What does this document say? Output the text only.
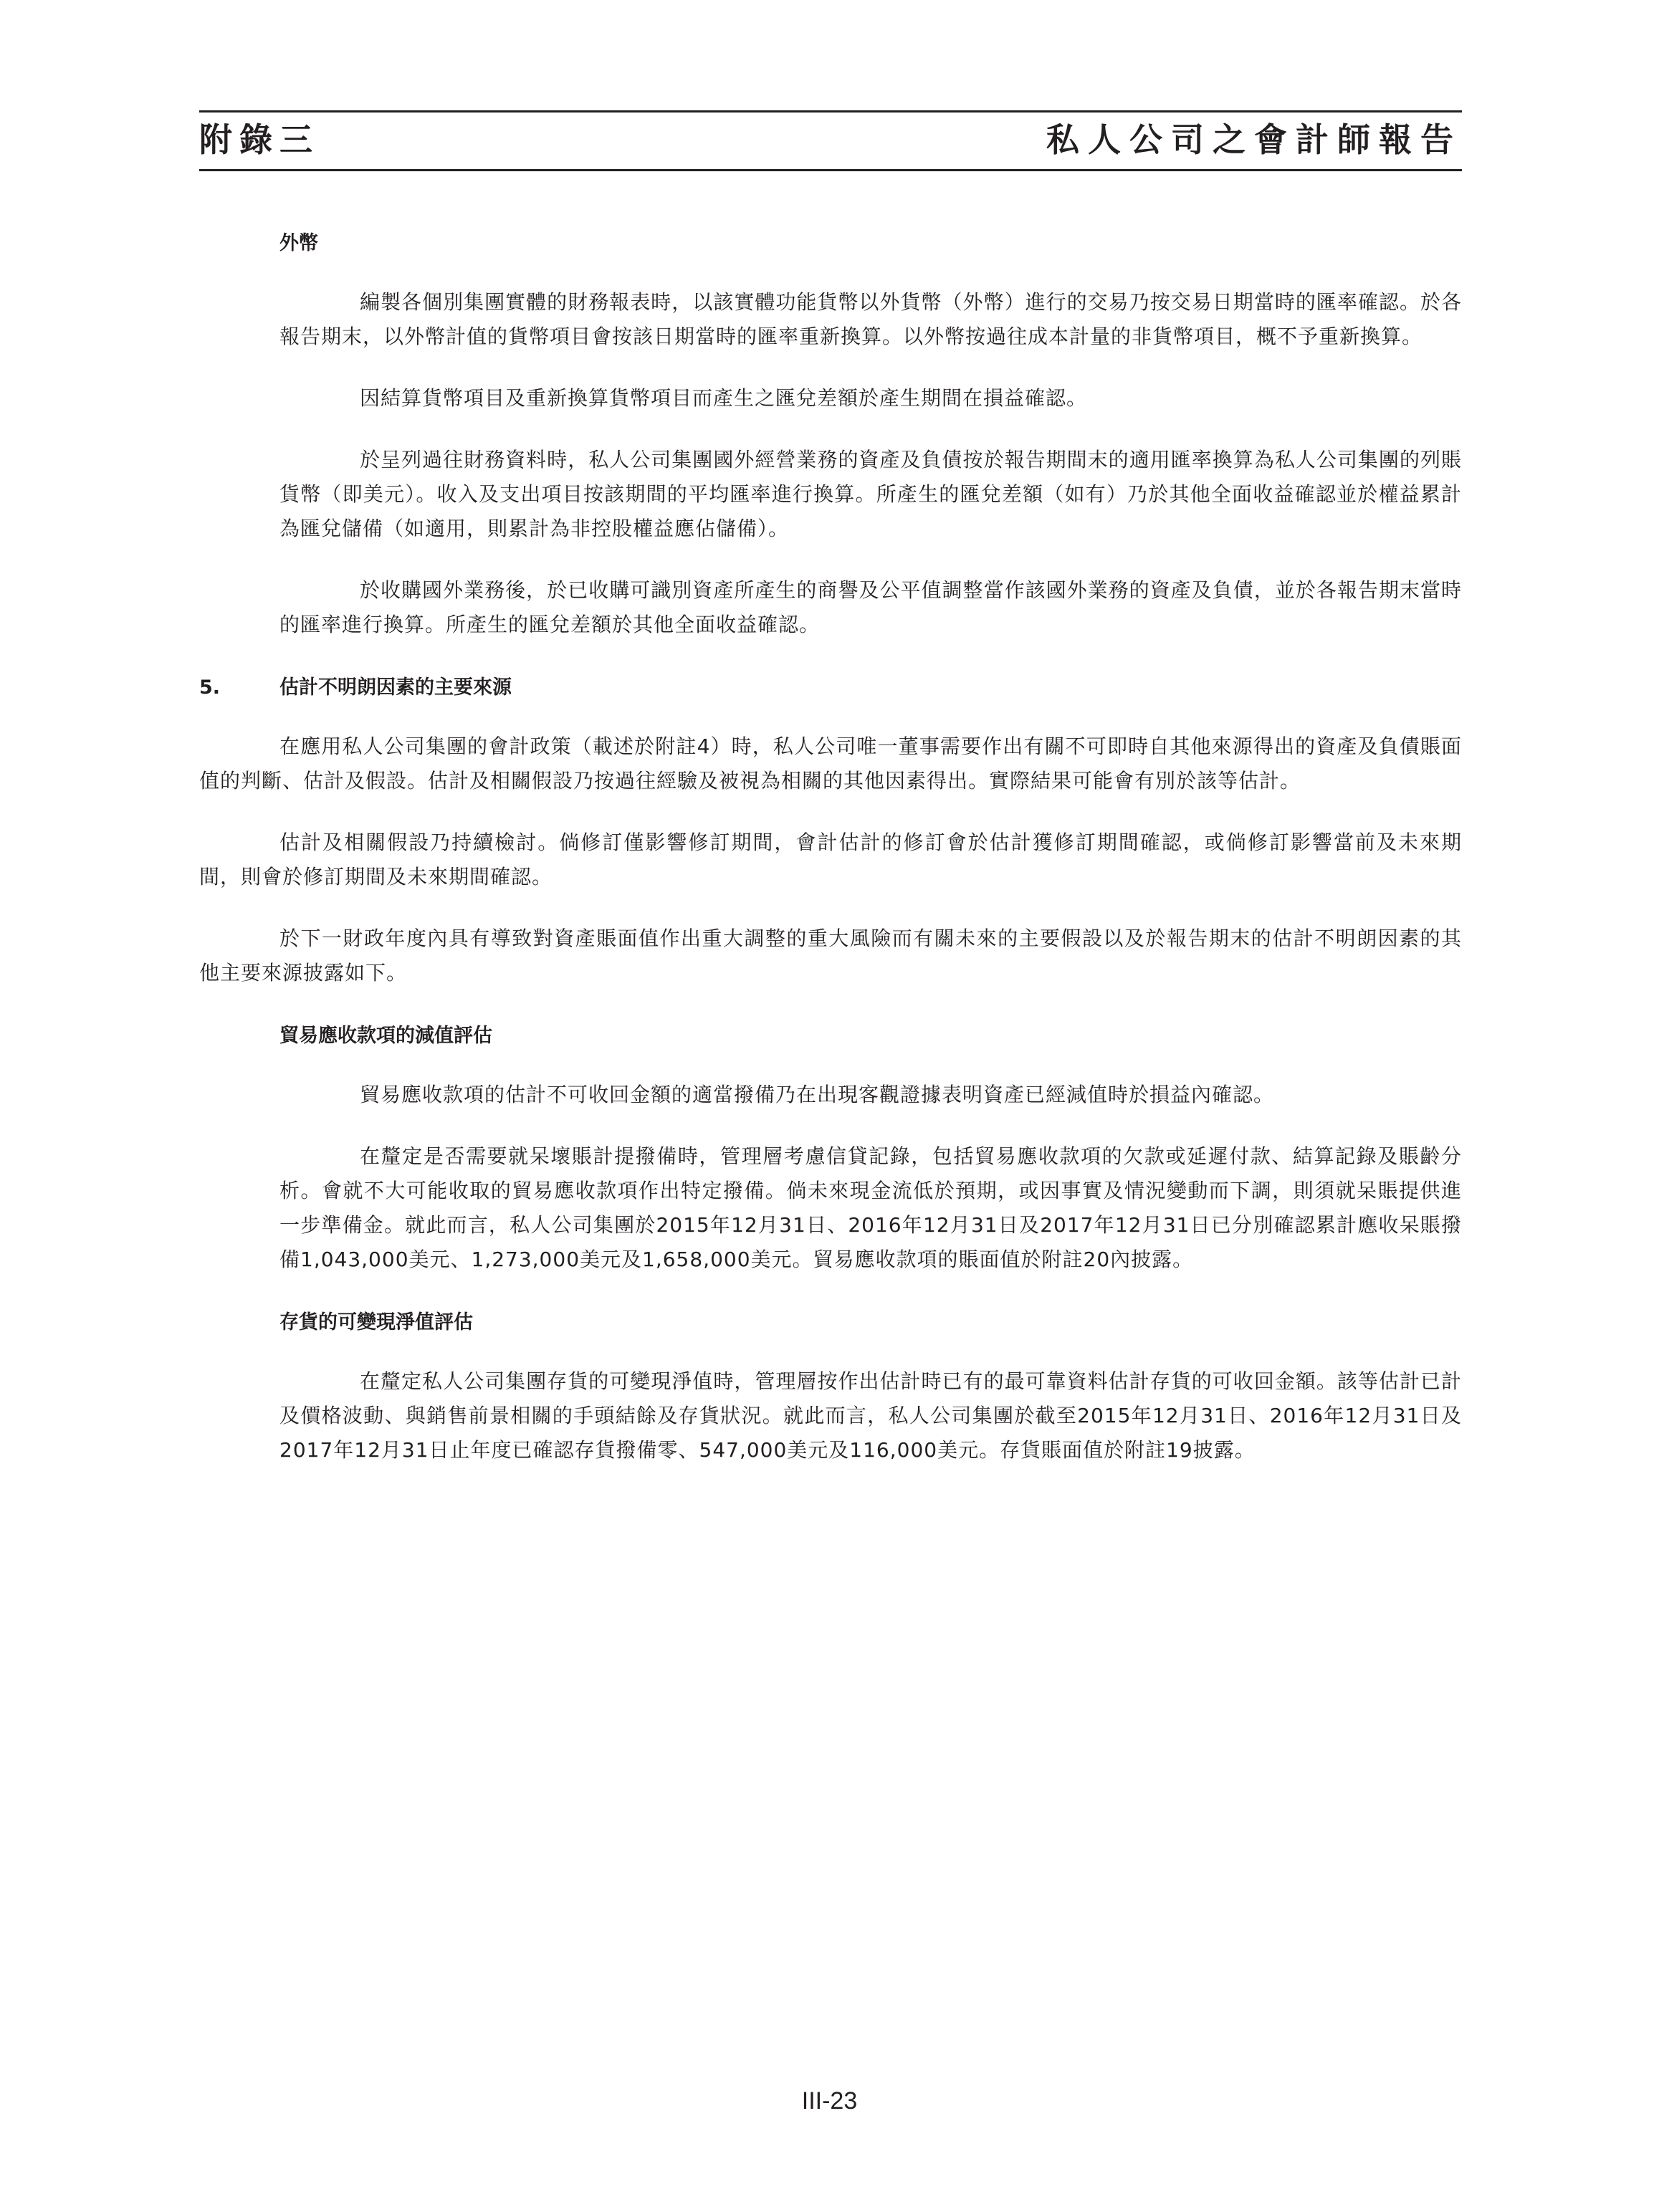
附錄三	私人公司之會計師報告
外幣

編製各個別集團實體的財務報表時，以該實體功能貨幣以外貨幣（外幣）進行的交易乃按交易日期當時的匯率確認。於各報告期末，以外幣計值的貨幣項目會按該日期當時的匯率重新換算。以外幣按過往成本計量的非貨幣項目，概不予重新換算。

因結算貨幣項目及重新換算貨幣項目而產生之匯兌差額於產生期間在損益確認。

於呈列過往財務資料時，私人公司集團國外經營業務的資產及負債按於報告期間末的適用匯率換算為私人公司集團的列賬貨幣（即美元）。收入及支出項目按該期間的平均匯率進行換算。所產生的匯兌差額（如有）乃於其他全面收益確認並於權益累計為匯兌儲備（如適用，則累計為非控股權益應佔儲備）。

於收購國外業務後，於已收購可識別資產所產生的商譽及公平值調整當作該國外業務的資產及負債，並於各報告期末當時的匯率進行換算。所產生的匯兌差額於其他全面收益確認。

5.	估計不明朗因素的主要來源

在應用私人公司集團的會計政策（載述於附註4）時，私人公司唯一董事需要作出有關不可即時自其他來源得出的資產及負債賬面值的判斷、估計及假設。估計及相關假設乃按過往經驗及被視為相關的其他因素得出。實際結果可能會有別於該等估計。

估計及相關假設乃持續檢討。倘修訂僅影響修訂期間，會計估計的修訂會於估計獲修訂期間確認，或倘修訂影響當前及未來期間，則會於修訂期間及未來期間確認。

於下一財政年度內具有導致對資產賬面值作出重大調整的重大風險而有關未來的主要假設以及於報告期末的估計不明朗因素的其他主要來源披露如下。

貿易應收款項的減值評估

貿易應收款項的估計不可收回金額的適當撥備乃在出現客觀證據表明資產已經減值時於損益內確認。

在釐定是否需要就呆壞賬計提撥備時，管理層考慮信貸記錄，包括貿易應收款項的欠款或延遲付款、結算記錄及賬齡分析。會就不大可能收取的貿易應收款項作出特定撥備。倘未來現金流低於預期，或因事實及情況變動而下調，則須就呆賬提供進一步準備金。就此而言，私人公司集團於2015年12月31日、2016年12月31日及2017年12月31日已分別確認累計應收呆賬撥備1,043,000美元、1,273,000美元及1,658,000美元。貿易應收款項的賬面值於附註20內披露。

存貨的可變現淨值評估

在釐定私人公司集團存貨的可變現淨值時，管理層按作出估計時已有的最可靠資料估計存貨的可收回金額。該等估計已計及價格波動、與銷售前景相關的手頭結餘及存貨狀況。就此而言，私人公司集團於截至2015年12月31日、2016年12月31日及2017年12月31日止年度已確認存貨撥備零、547,000美元及116,000美元。存貨賬面值於附註19披露。

III-23
